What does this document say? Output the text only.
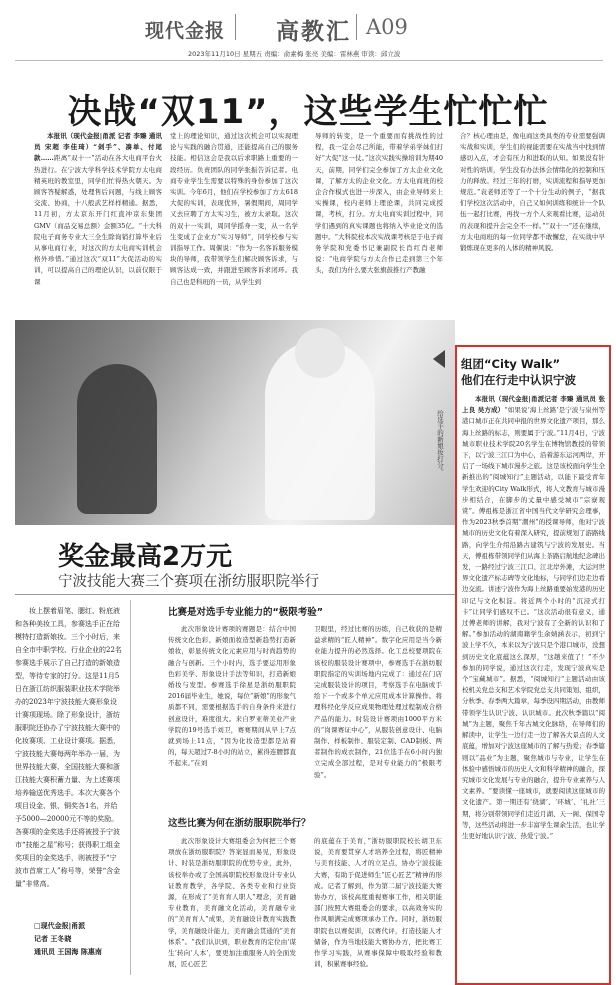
现代金报 高教汇 A09
2023年11月10日 星期五 责编：俞素梅 张亮 美编：雷林燕 审读：邱立波
决战“双11”，这些学生忙忙忙

本报讯（现代金报|甬派 记者 李臻 通讯员 宋超 李佳琦）“剁手”、凑单、付尾款……距离“双十一”活动在各大电商平台火热进行。在宁波大学科学技术学院方太电商精英班的教室里，同学们忙得热火朝天。为顾客答疑解惑，处理售后问题，与线上顾客交流、协商，十八般武艺样样精通。据悉，11月初，方太京东开门红直冲京东集团GMV（商品交易总额）金额35亿。“十大科院电子商务专业大三全生除询销打算毕业后从事电商行业，对这次的方太电商实训机会格外珍惜。”通过这次“双11”大促活动的实训，可以提高自己的理论认识，以前仅限于课

堂上的理论知识，通过这次机会可以实现理论与实践的融合贯通，还能提高自己的服务技能。相信这会是我以后求职路上重要的一段经历。负责团队的同学张振告诉记者。电商专业学生生需要以特殊的身份参加了这次实训。今年6月，他们在学校参加了方太618大促的实训，表现优异，暑假期间，周同学又去应聘了方太实习生，被方太录取。这次的双十一实训，周同学摇身一变，从一名学生变成了企业方“实习导师”，同学校参与实训指导工作。周偃说：“作为一名客诉服务模块的导师，我带领学生们解决顾客诉求，与顾客达成一致，并跟进至顾客诉求闭环。我自己也是科班的一员，从学生到

导师的转变，是一个重要而有挑战性的过程，我一定会尽己所能，带着学弟学妹们打好“大促”这一仗。”这次实践实操培训为期40天，前期，同学们完全参加了方太企业文化课，了解方太的企业文化。方太电商班的校企合作模式也进一步深入，由企业导师来上实操课，校内老师上理论课，共同完成授课，考核，打分。方太电商实训过程中，同学们遇到的真实课题也将纳入毕业论文的选题中。“大科院校本次实战课考核是于电子商务学院和党委书记兼副院长肖红肖老师说：“电商学院与方太合作已走到第三个年头，我们为什么要大张旗鼓推行产教融

合？核心理由是，像电商这类具类的专业需要强调实战和实训，学生们的视能需要在实战当中找到情感切入点，才会有压力和进取的认知。如果没有针对性的培训，学生没有办法体会情绪化的控制和压力的释放。经过三年的打磨，实训流程和指导更加规范。”袁老师还等了一个十分生动的例子，“据我们学校这次活动中，自己又如何训练和统计一个队伍一起打比赛，再找一方个人来观看比赛，运动员的表现和提升会完全不一样。”“双十一”还在继续，方太电商班的每一位同学都不敢懈怠，在实战中早锻炼现在更多的人体的精神风貌。

给选手的新娘妆打分。
奖金最高2万元
宁波技能大赛三个赛项在浙纺服职院举行

妆上摆着眉笔、腮红、粉底液和各种美妆工具，参赛选手正在给模特打造新娘妆。三个小时后，来自全市中职学校、行业企业的22名参赛选手展示了自己打造的新娘造型，等待专家的打分。这是11月5日在浙江纺织服装职业技术学院举办的2023年宁波技能大赛形象设计赛项现场。除了形象设计，浙纺服职院还协办了宁波技能大赛中的化妆赛项、工业设计赛项。据悉，宁波技能大赛每两年举办一届，为世界技能大赛、全国技能大赛和浙江技能大赛积蓄力量、为上述赛项培养输送优秀选手。本次大赛各个项目设金、银、铜奖各1名，并给予5000—20000元不等的奖励。各赛项的金奖选手还将被授予宁波市“技能之星”称号；获得职工组金奖项目的金奖选手，则被授予“宁波市首席工人”称号等，荣誉“含金量”非常高。

□现代金报|甬派
记者 王冬晓
通讯员 王国海 陈惠南
比赛是对选手专业能力的“极限考验”

此次形象设计赛项的赛题是：结合中国传统文化色彩、新娘面妆造型新趋势打造新娘妆，彰显传统文化元素应用与时尚趋势的融合与创新。三个小时内，选手要运用形象色彩美学、形象设计手法等知识，打造新娘婚妆与发型。参赛选手徐星是浙纺服职院2016届毕业生，她说，每位“新娘”的形象气质都不同，需要根据选手的自身条件来进行创意设计，难度很大。来自罗亚蒂美业产业学院的19号选手刘卫，赛赛期间从早上7点就到场上11点，“因为化妆造型都是站着的，每天超过7-8小时的站立，累得连腰都直不起来。”在刘

卫眼里，经过比赛的历练，自己收获的是精益求精的“匠人精神”。数字化应用是当今新业能力提升的必然选择。化工总校要项院在该校的服装设计赛项中，参赛选手在浙纺服职院指定的实训场地内完成了：通过在门店完成服装设计的项目，考察选手在电脑或手绘下一个或多个单元应用成本计算操作。将理科经化学反应成果物理处理过程制成合格产品的能力。时装设计赛项由1000平方米的“岗课赛证中心”，从服装创意设计、电脑制作、样板制作、服装定制、CAD制板、两者制作的成衣制作，21位选手在6小时内独立完成全部过程，是对专业能力的“极限考验”。

这些比赛为何在浙纺服职院举行？

此次形象设计大赛组委会为何把三个赛项放在浙纺服职院？答案显而易见，形象设计、时装是浙纺服职院的优势专业，此外，该校举办或了全国高职院校形象设计专业认证教育教学，各学院、各类专业和行业资源，在形成了“美育育人职人”理念，美育融专业教育，美育融文化活动，美育融专业的“美育育人”成果，美育融设计教育实践教学，美育融设计能力，美育融会贯通的“美育体系”。“我们认识到，职业教育的定位由‘谋生’转向‘人本’，要更加注重服务人的全面发展，匠心匠艺

的底蕴在于美育，”浙纺服职院校长胡卫东说，美育要贯穿人才培养全过程，将匠精神与美育技能、人才的立足点，协办宁波技能大赛，有助于促进师生“匠心匠艺”精神的形成。记者了解到，作为第二届宁波技能大赛协办方，该校高度重视赛事工作，相关职能部门按照大赛组委会的要求，以高效务实的作风顺满完成赛项承办工作。同时，浙纺服职院也以赛促训，以赛代评，打造技能人才储备，作为当地技能大赛协办方，把比赛工作学习实践，从赛事保障中吸取经验和教训，积累赛事经验。

组团“City Walk”
他们在行走中认识宁波

本报讯（现代金报|甬派记者 李臻 通讯员 张上良 吴方成）“如果说‘海上丝路’是宁波与泉州等港口城市正在共同申报的世界文化遗产项目，那么海上丝路的标志，则要属于宁波。”11月4日，宁波城市职业技术学院20名学生在博物馆教授的带领下，以宁波三江口为中心，沿着游东运河两岸，开启了一场线下城市漫步之旅。这是该校面向学生全新推出的“阅城知行”主题活动，以能下最受青年学生欢迎的City Walk形式，将人文教育与城市漫步相结合，在脚步的丈量中感受城市“宗寮观赏”。傅祖栋是浙江省中国当代文学研究会理事，作为2023秋季首期“潮州”的授课导师，他对宁波城市的历史文化有着深入研究，提前规划了游路线路，向学生介绍沿路古建筑与宁波的发展史。当天，傅祖栋带领同学们从海上茶路启航地纪念碑出发，一路经过宁波三江口、江北岸外滩，大运河世界文化遗产标志碑等文化地标，与同学们边走边看边交流。讲述宁波作为海上丝路重要始发港的历史印记与文化积淀。将近两个小时的“沉浸式打卡”让同学们感叹不已。“这次活动很有意义，通过傅老师的讲解，我对宁波有了全新的认识和了解。”参加活动的湖南籍学生余婧涵表示，初到宁波上学不久，本来以为宁波只是个港口城市，没想到历史文化底蕴这么深厚，“这趟来值了！”不少参加的同学说，通过这次行走，发现宁波真实是个“宝藏城市”。据悉，“阅城知行”主题活动由该校机关党总支和艺术学院党总支共同策划、组织，分秋季、春季两大篇章，每季设四期活动，由教师带领学生认识宁波、认识城市。此次秋季篇以“阅城”为主题，聚焦千年古城文化脉络，在导师们的解读中，让学生一边行走一边了解各大景点的人文底蕴，增加对宁波这座城市的了解与热爱；春季篇则以“品业”为主题，聚焦城市与专业，让学生在体验中感悟城市的历史人文和科学精神的融合，探究城市文化发展与专业的融合，提升专业素养与人文素养。“要读懂一座城市，就要阅读这座城市的文化遗产。第一期还有‘绕湖’、‘环城’、‘礼社’三期，将分别带领同学们走近月湖、天一阁、保国寺等，这些活动将进一步丰富学生课余生活，也让学生更好地认识宁波、热爱宁波。”
